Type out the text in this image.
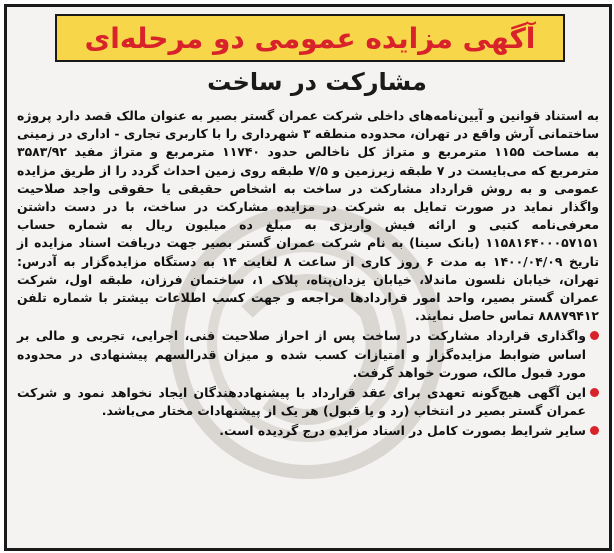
آگهی مزایده عمومی دو مرحله‌ای
مشارکت در ساخت

به استناد قوانین و آیین‌نامه‌های داخلی شرکت عمران گستر بصیر به عنوان مالک قصد دارد پروژه ساختمانی آرش واقع در تهران، محدوده منطقه ۳ شهرداری را با کاربری تجاری - اداری در زمینی به مساحت ۱۱۵۵ مترمربع و متراژ کل ناخالص حدود ۱۱۷۴۰ مترمربع و متراژ مفید ۳۵۸۳/۹۲ مترمربع که می‌بایست در ۷ طبقه زیرزمین و ۷/۵ طبقه روی زمین احداث گردد را از طریق مزایده عمومی و به روش قرارداد مشارکت در ساخت به اشخاص حقیقی یا حقوقی واجد صلاحیت واگذار نماید در صورت تمایل به شرکت در مزایده مشارکت در ساخت، با در دست داشتن معرفی‌نامه کتبی و ارائه فیش واریزی به مبلغ ده میلیون ریال به شماره حساب ۱۱۵۸۱۶۴۰۰۰۵۷۱۵۱ (بانک سینا) به نام شرکت عمران گستر بصیر جهت دریافت اسناد مزایده از تاریخ ۱۴۰۰/۰۴/۰۹ به مدت ۶ روز کاری از ساعت ۸ لغایت ۱۴ به دستگاه مزایده‌گزار به آدرس: تهران، خیابان نلسون ماندلا، خیابان یزدان‌پناه، پلاک ۱، ساختمان فرزان، طبقه اول، شرکت عمران گستر بصیر، واحد امور قراردادها مراجعه و جهت کسب اطلاعات بیشتر با شماره تلفن ۸۸۸۷۹۴۱۲ تماس حاصل نمایند.

واگذاری قرارداد مشارکت در ساخت پس از احراز صلاحیت فنی، اجرایی، تجربی و مالی بر اساس ضوابط مزایده‌گزار و امتیازات کسب شده و میزان قدرالسهم پیشنهادی در محدوده مورد قبول مالک، صورت خواهد گرفت.
این آگهی هیچ‌گونه تعهدی برای عقد قرارداد با پیشنهاددهندگان ایجاد نخواهد نمود و شرکت عمران گستر بصیر در انتخاب (رد و یا قبول) هر یک از پیشنهادات مختار می‌باشد.
سایر شرایط بصورت کامل در اسناد مزایده درج گردیده است.
